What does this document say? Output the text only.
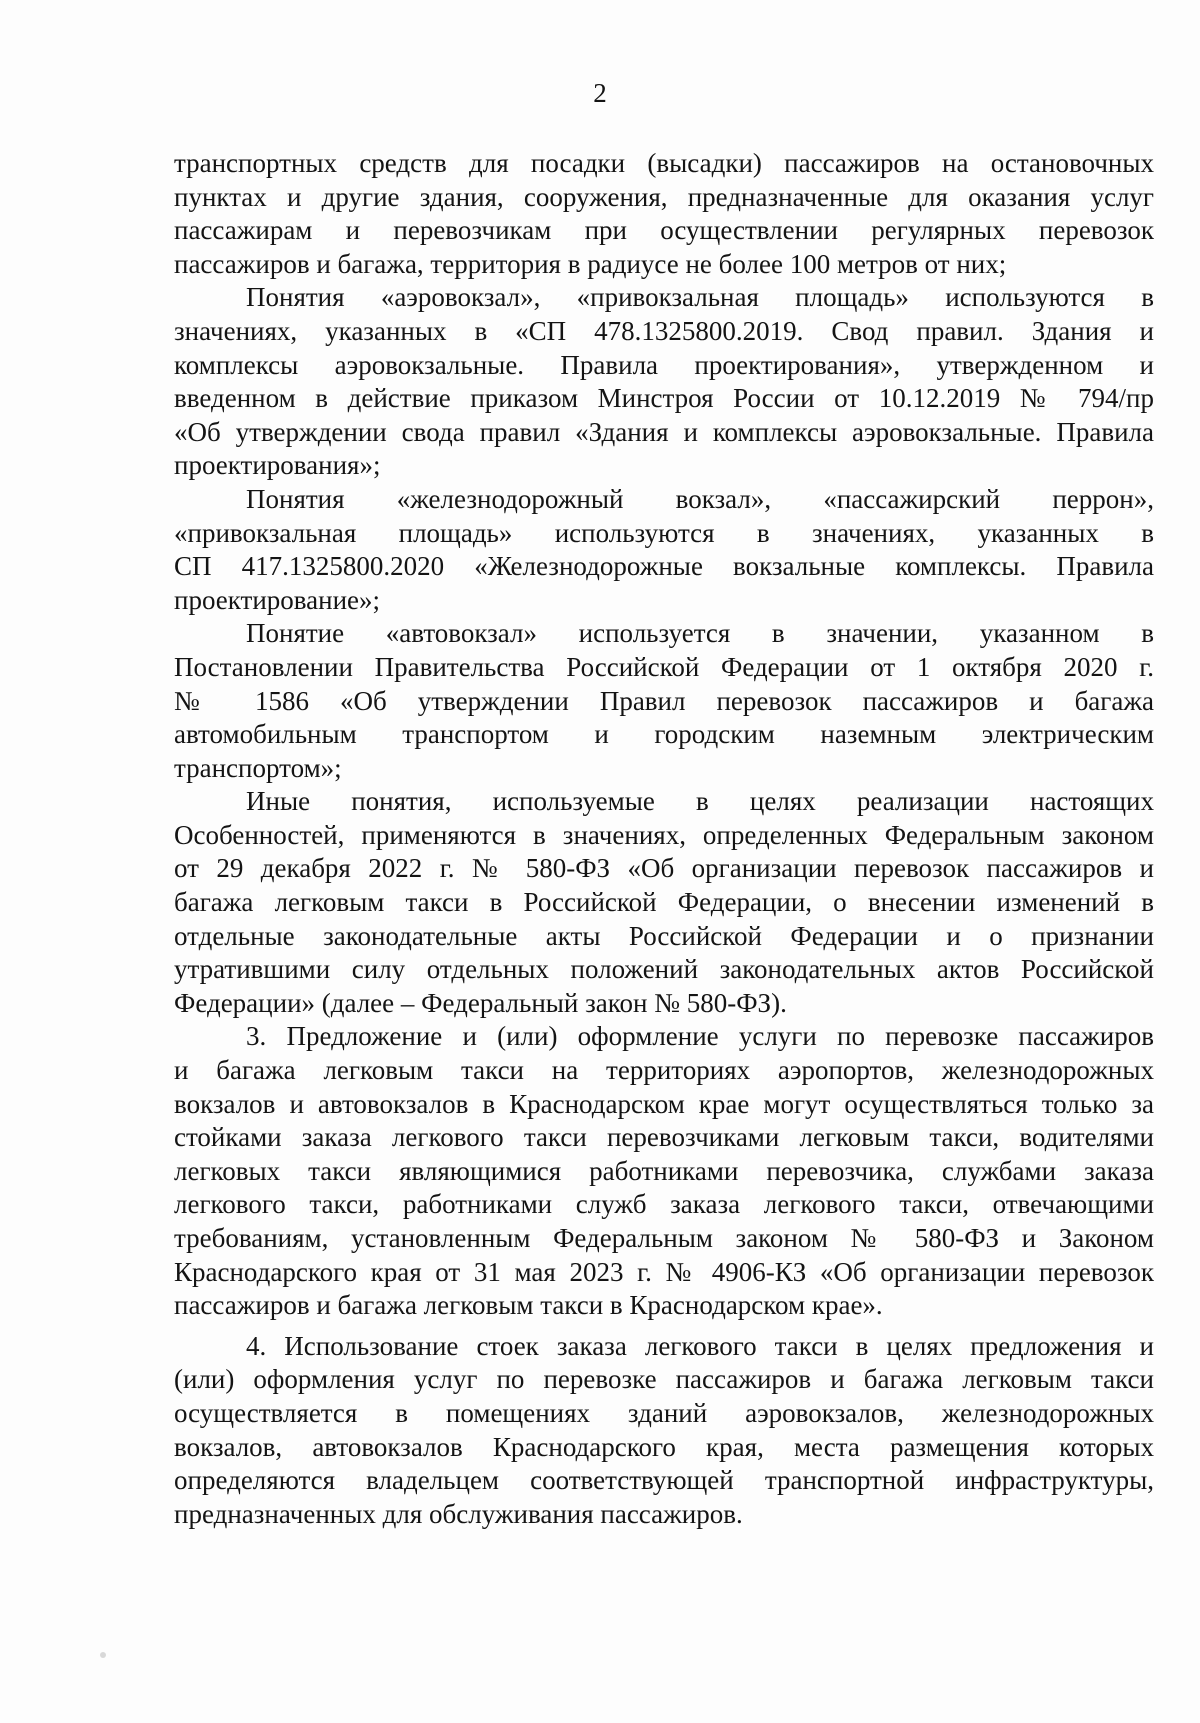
2
транспортных средств для посадки (высадки) пассажиров на остановочных
пунктах и другие здания, сооружения, предназначенные для оказания услуг
пассажирам и перевозчикам при осуществлении регулярных перевозок
пассажиров и багажа, территория в радиусе не более 100 метров от них;
Понятия «аэровокзал», «привокзальная площадь» используются в
значениях, указанных в «СП 478.1325800.2019. Свод правил. Здания и
комплексы аэровокзальные. Правила проектирования», утвержденном и
введенном в действие приказом Минстроя России от 10.12.2019 № 794/пр
«Об утверждении свода правил «Здания и комплексы аэровокзальные. Правила
проектирования»;
Понятия «железнодорожный вокзал», «пассажирский перрон»,
«привокзальная площадь» используются в значениях, указанных в
СП 417.1325800.2020 «Железнодорожные вокзальные комплексы. Правила
проектирование»;
Понятие «автовокзал» используется в значении, указанном в
Постановлении Правительства Российской Федерации от 1 октября 2020 г.
№ 1586 «Об утверждении Правил перевозок пассажиров и багажа
автомобильным транспортом и городским наземным электрическим
транспортом»;
Иные понятия, используемые в целях реализации настоящих
Особенностей, применяются в значениях, определенных Федеральным законом
от 29 декабря 2022 г. № 580-ФЗ «Об организации перевозок пассажиров и
багажа легковым такси в Российской Федерации, о внесении изменений в
отдельные законодательные акты Российской Федерации и о признании
утратившими силу отдельных положений законодательных актов Российской
Федерации» (далее – Федеральный закон № 580-ФЗ).
3. Предложение и (или) оформление услуги по перевозке пассажиров
и багажа легковым такси на территориях аэропортов, железнодорожных
вокзалов и автовокзалов в Краснодарском крае могут осуществляться только за
стойками заказа легкового такси перевозчиками легковым такси, водителями
легковых такси являющимися работниками перевозчика, службами заказа
легкового такси, работниками служб заказа легкового такси, отвечающими
требованиям, установленным Федеральным законом № 580-ФЗ и Законом
Краснодарского края от 31 мая 2023 г. № 4906-КЗ «Об организации перевозок
пассажиров и багажа легковым такси в Краснодарском крае».
4. Использование стоек заказа легкового такси в целях предложения и
(или) оформления услуг по перевозке пассажиров и багажа легковым такси
осуществляется в помещениях зданий аэровокзалов, железнодорожных
вокзалов, автовокзалов Краснодарского края, места размещения которых
определяются владельцем соответствующей транспортной инфраструктуры,
предназначенных для обслуживания пассажиров.
